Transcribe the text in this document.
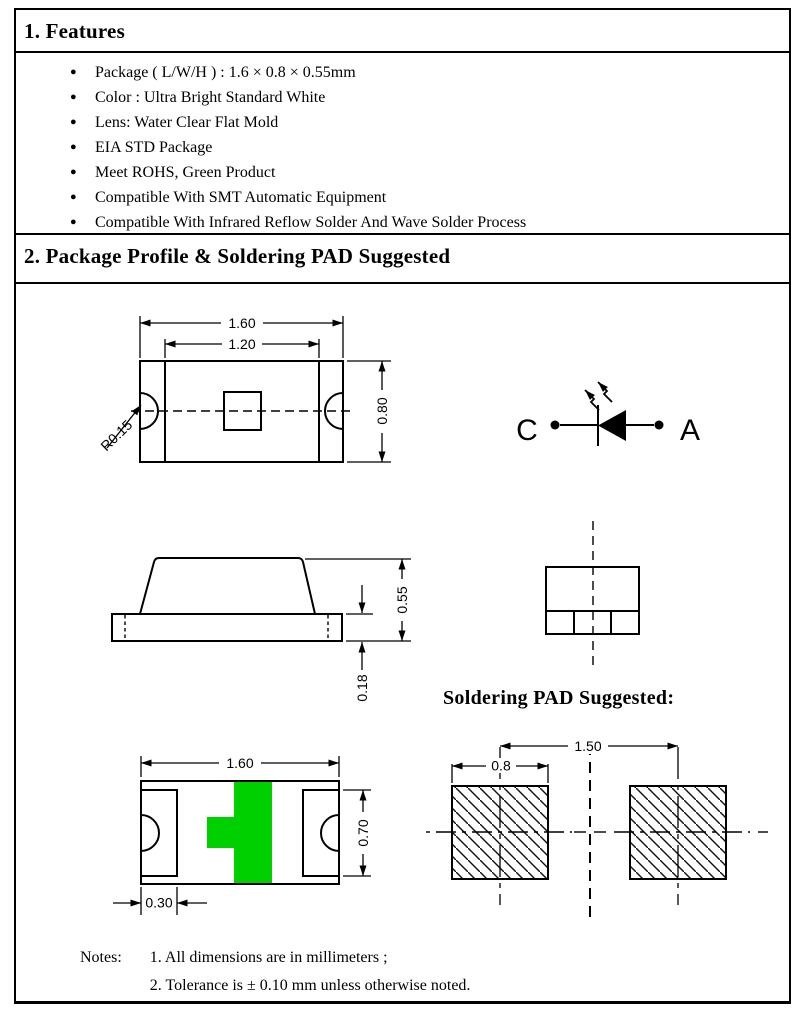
1. Features
● Package ( L/W/H ) : 1.6 × 0.8 × 0.55mm
● Color : Ultra Bright Standard White
● Lens: Water Clear Flat Mold
● EIA STD Package
● Meet ROHS, Green Product
● Compatible With SMT Automatic Equipment
● Compatible With Infrared Reflow Solder And Wave Solder Process
2. Package Profile & Soldering PAD Suggested
1.60
1.20
0.80
R0.15	C	A
0.55
0.18	Soldering PAD Suggested:
1.50
0.8
1.60
0.70
0.30
Notes: 1. All dimensions are in millimeters ;
2. Tolerance is ± 0.10 mm unless otherwise noted.
